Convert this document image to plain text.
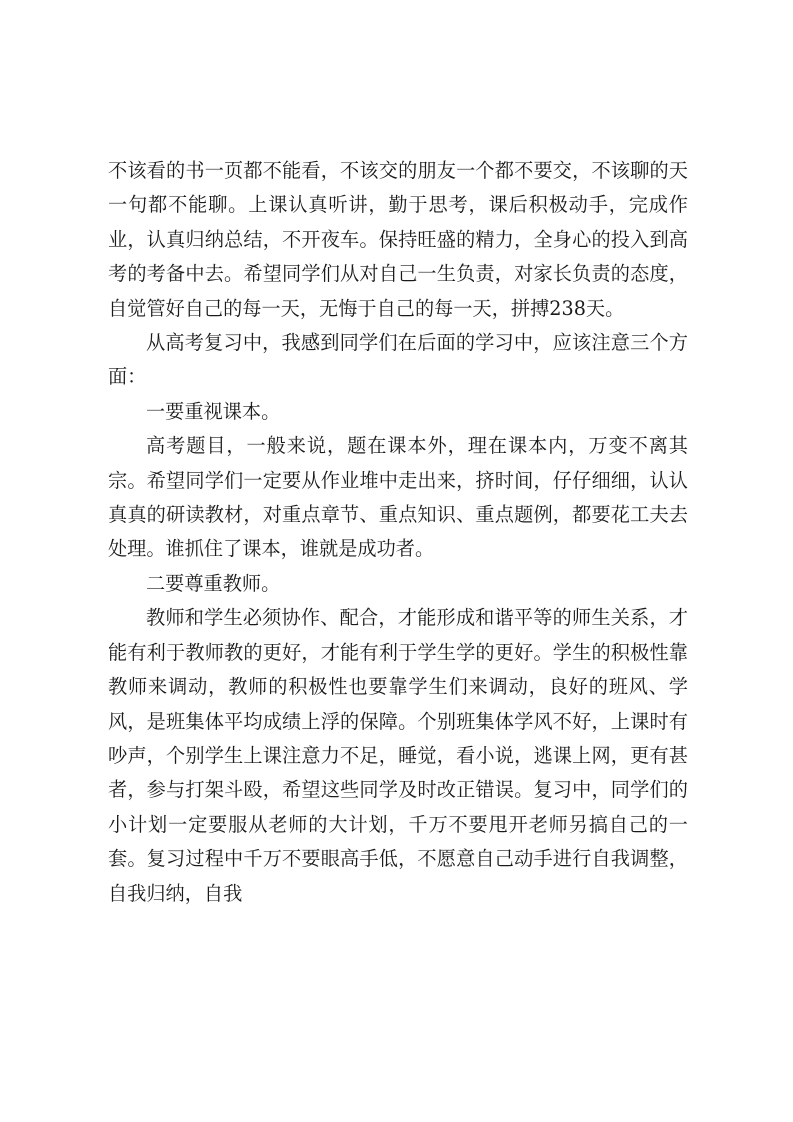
不该看的书一页都不能看，不该交的朋友一个都不要交，不该聊的天一句都不能聊。上课认真听讲，勤于思考，课后积极动手，完成作业，认真归纳总结，不开夜车。保持旺盛的精力，全身心的投入到高考的考备中去。希望同学们从对自己一生负责，对家长负责的态度，自觉管好自己的每一天，无悔于自己的每一天，拼搏238天。

从高考复习中，我感到同学们在后面的学习中，应该注意三个方面：

一要重视课本。

高考题目，一般来说，题在课本外，理在课本内，万变不离其宗。希望同学们一定要从作业堆中走出来，挤时间，仔仔细细，认认真真的研读教材，对重点章节、重点知识、重点题例，都要花工夫去处理。谁抓住了课本，谁就是成功者。

二要尊重教师。

教师和学生必须协作、配合，才能形成和谐平等的师生关系，才能有利于教师教的更好，才能有利于学生学的更好。学生的积极性靠教师来调动，教师的积极性也要靠学生们来调动，良好的班风、学风，是班集体平均成绩上浮的保障。个别班集体学风不好，上课时有吵声，个别学生上课注意力不足，睡觉，看小说，逃课上网，更有甚者，参与打架斗殴，希望这些同学及时改正错误。复习中，同学们的小计划一定要服从老师的大计划，千万不要甩开老师另搞自己的一套。复习过程中千万不要眼高手低，不愿意自己动手进行自我调整，自我归纳，自我
